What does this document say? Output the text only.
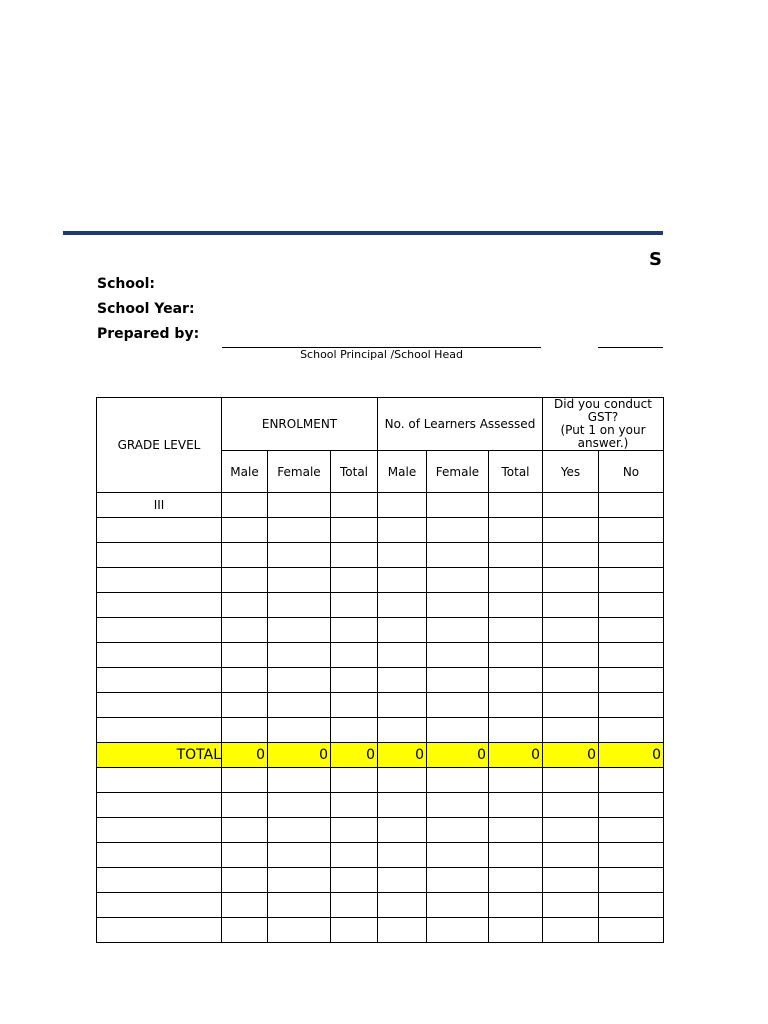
S
School:
School Year:
Prepared by:
School Principal /School Head
GRADE LEVEL	ENROLMENT			No. of Learners Assessed			Did you conduct GST?
(Put 1 on your answer.)	
	Male	Female	Total	Male	Female	Total	Yes	No
III								

TOTAL	0	0	0	0	0	0	0	0
